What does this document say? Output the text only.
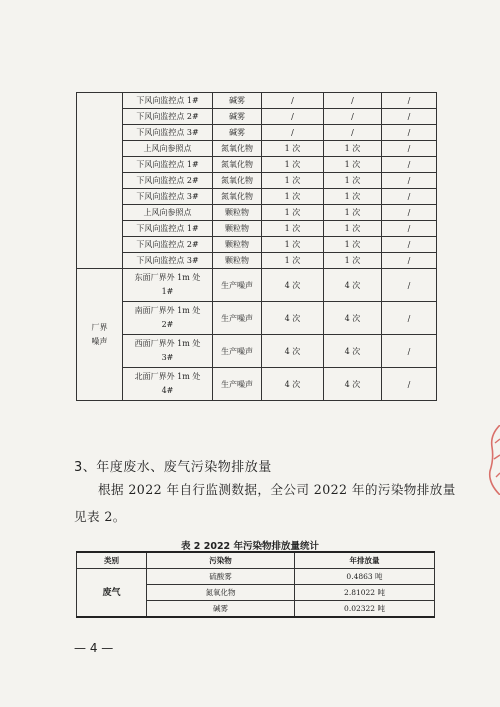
	下风向监控点 1#	碱雾	/	/	/
	下风向监控点 2#	碱雾	/	/	/
	下风向监控点 3#	碱雾	/	/	/
	上风向参照点	氮氧化物	1 次	1 次	/
	下风向监控点 1#	氮氧化物	1 次	1 次	/
	下风向监控点 2#	氮氧化物	1 次	1 次	/
	下风向监控点 3#	氮氧化物	1 次	1 次	/
	上风向参照点	颗粒物	1 次	1 次	/
	下风向监控点 1#	颗粒物	1 次	1 次	/
	下风向监控点 2#	颗粒物	1 次	1 次	/
	下风向监控点 3#	颗粒物	1 次	1 次	/
厂界噪声	东面厂界外 1m 处 1#	生产噪声	4 次	4 次	/
	南面厂界外 1m 处 2#	生产噪声	4 次	4 次	/
	西面厂界外 1m 处 3#	生产噪声	4 次	4 次	/
	北面厂界外 1m 处 4#	生产噪声	4 次	4 次	/
3、年度废水、废气污染物排放量
根据 2022 年自行监测数据，全公司 2022 年的污染物排放量
见表 2。
表 2 2022 年污染物排放量统计
类别	污染物	年排放量
废气	硫酸雾	0.4863 吨
	氮氧化物	2.81022 吨
	碱雾	0.02322 吨
— 4 —
